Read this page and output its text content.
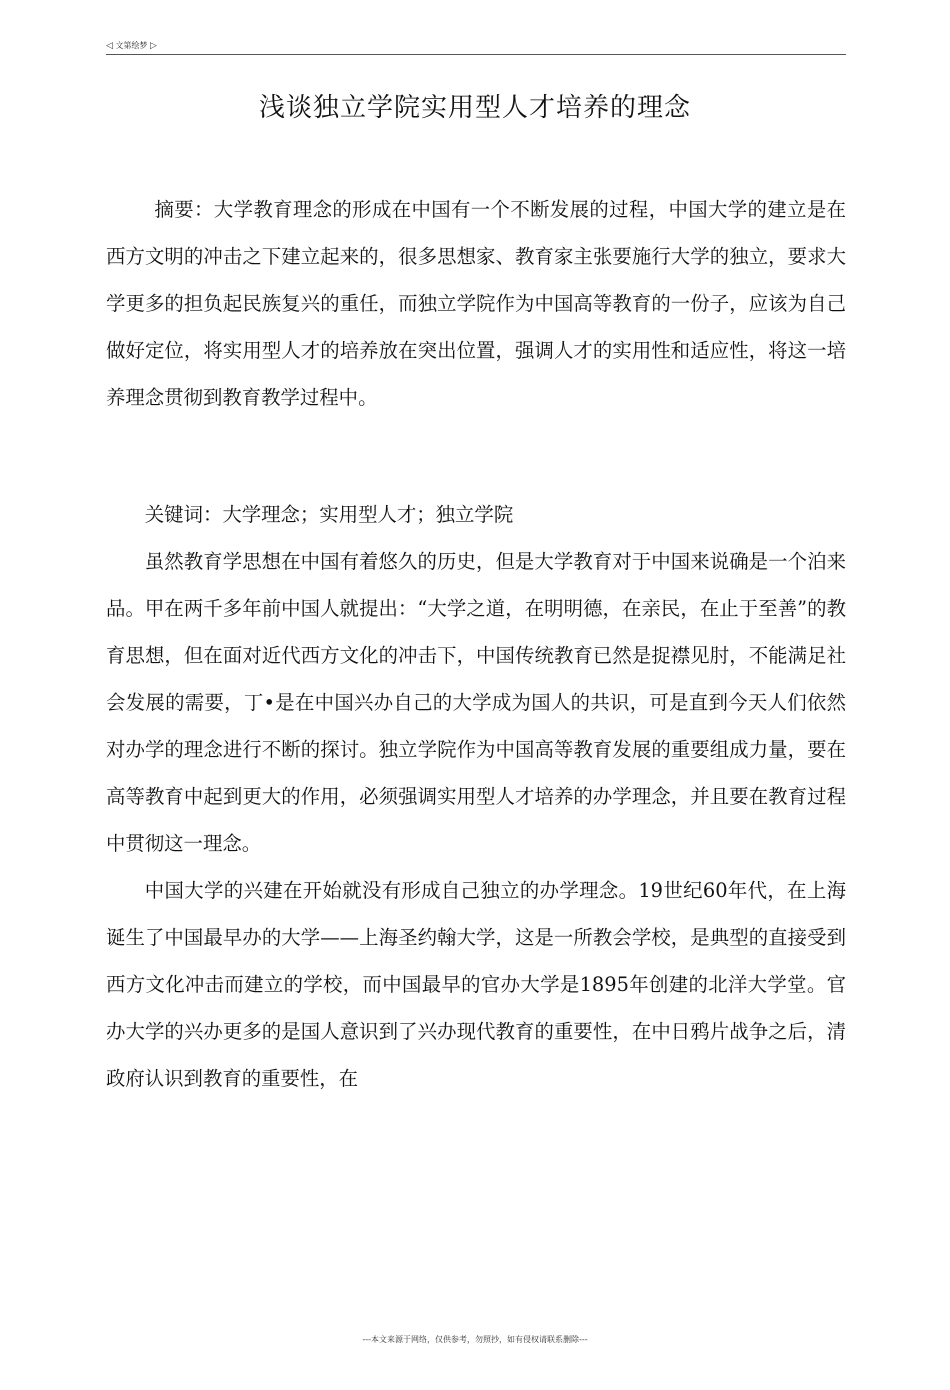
◁ 文第绘梦 ▷
浅谈独立学院实用型人才培养的理念

摘要：大学教育理念的形成在中国有一个不断发展的过程，中国大学的建立是在西方文明的冲击之下建立起来的，很多思想家、教育家主张要施行大学的独立，要求大学更多的担负起民族复兴的重任，而独立学院作为中国高等教育的一份子，应该为自己做好定位，将实用型人才的培养放在突出位置，强调人才的实用性和适应性，将这一培养理念贯彻到教育教学过程中。

关键词：大学理念；实用型人才；独立学院

虽然教育学思想在中国有着悠久的历史，但是大学教育对于中国来说确是一个泊来品。甲在两千多年前中国人就提出：“大学之道，在明明德，在亲民，在止于至善”的教育思想，但在面对近代西方文化的冲击下，中国传统教育已然是捉襟见肘，不能满足社会发展的需要，丁•是在中国兴办自己的大学成为国人的共识，可是直到今天人们依然对办学的理念进行不断的探讨。独立学院作为中国高等教育发展的重要组成力量，要在高等教育中起到更大的作用，必须强调实用型人才培养的办学理念，并且要在教育过程中贯彻这一理念。

中国大学的兴建在开始就没有形成自己独立的办学理念。19世纪60年代，在上海诞生了中国最早办的大学——上海圣约翰大学，这是一所教会学校，是典型的直接受到西方文化冲击而建立的学校，而中国最早的官办大学是1895年创建的北洋大学堂。官办大学的兴办更多的是国人意识到了兴办现代教育的重要性，在中日鸦片战争之后，清政府认识到教育的重要性，在

---本文来源于网络，仅供参考，勿照抄，如有侵权请联系删除---
